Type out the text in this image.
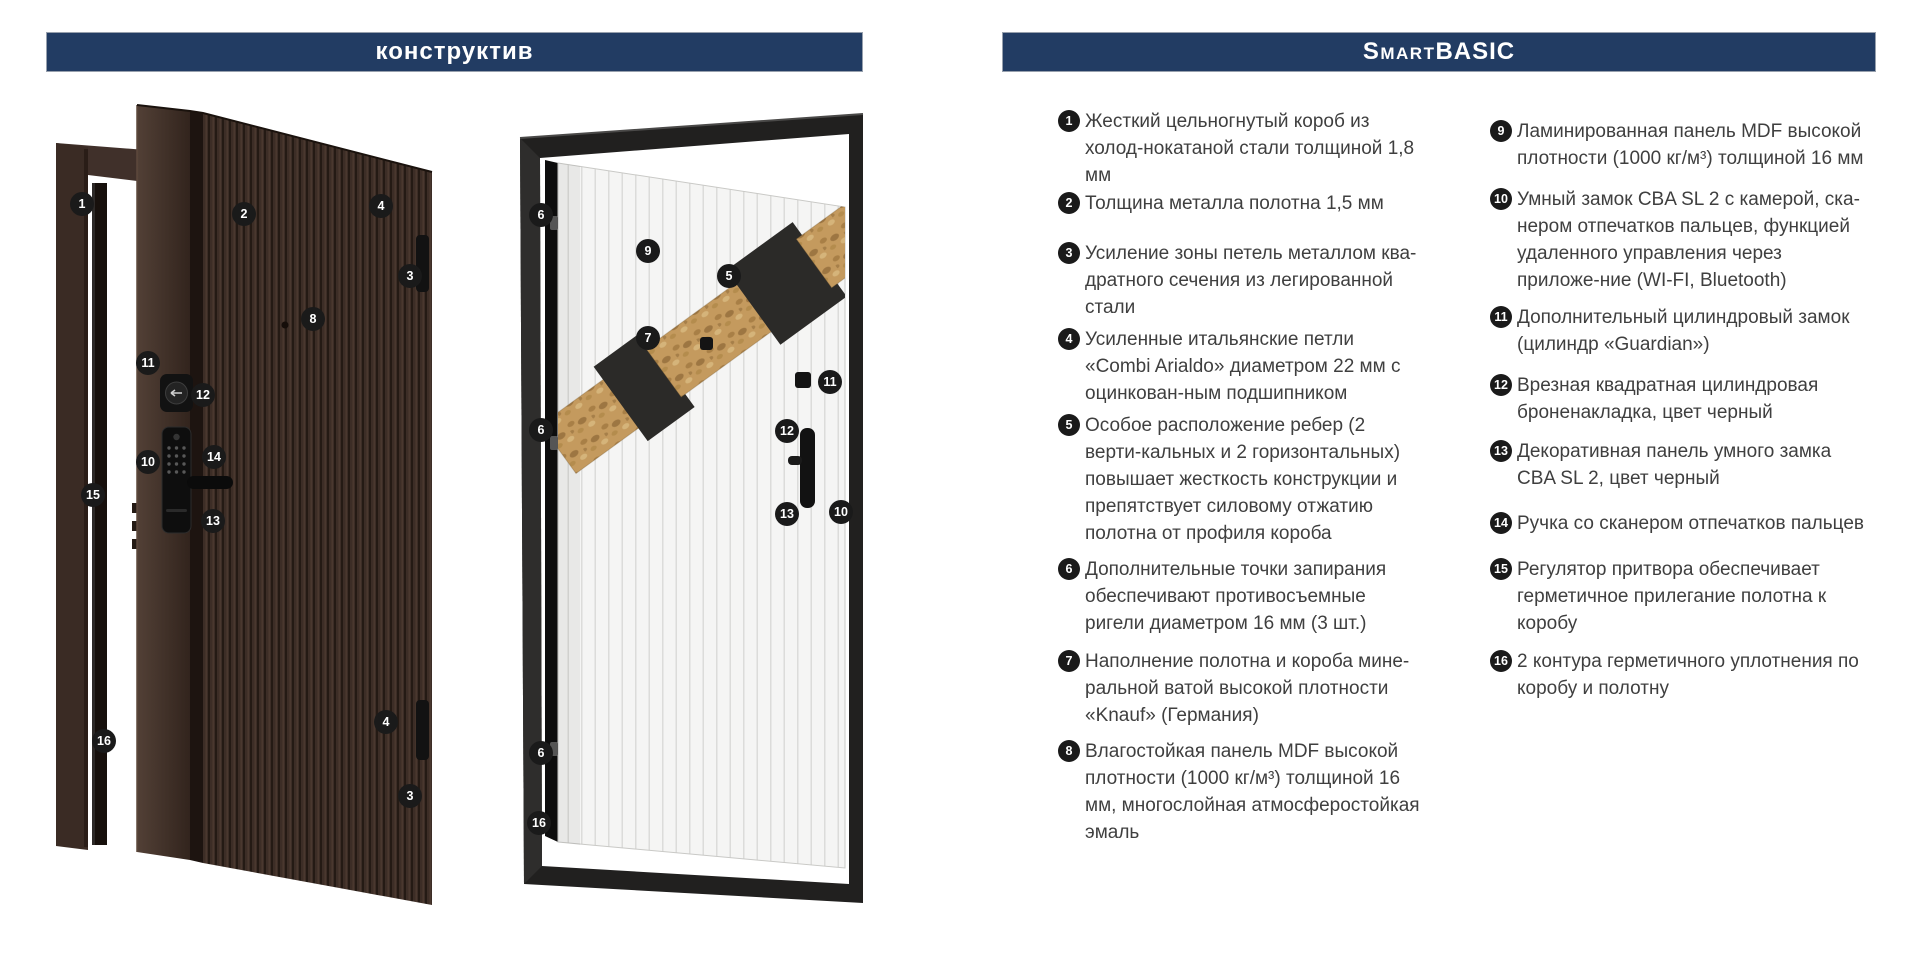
конструктив	Smart BASIC
1
2
4
3
8
11
12
10	14
15
13
16
4
3
6
9
5
7
6
11
12
13	10
6
16
1 Жесткий цельногнутый короб из холод-нокатаной стали толщиной 1,8 мм
2 Толщина металла полотна 1,5 мм
3 Усиление зоны петель металлом ква-дратного сечения из легированной стали
4 Усиленные итальянские петли «Combi Arialdo» диаметром 22 мм с оцинкован-ным подшипником
5 Особое расположение ребер (2 верти-кальных и 2 горизонтальных) повышает жесткость конструкции и препятствует силовому отжатию полотна от профиля короба
6 Дополнительные точки запирания обеспечивают противосъемные ригели диаметром 16 мм (3 шт.)
7 Наполнение полотна и короба мине-ральной ватой высокой плотности «Knauf» (Германия)
8 Влагостойкая панель MDF высокой плотности (1000 кг/м³) толщиной 16 мм, многослойная атмосферостойкая эмаль
9 Ламинированная панель MDF высокой плотности (1000 кг/м³) толщиной 16 мм
10 Умный замок CBA SL 2 с камерой, ска-нером отпечатков пальцев, функцией удаленного управления через приложе-ние (WI-FI, Bluetooth)
11 Дополнительный цилиндровый замок (цилиндр «Guardian»)
12 Врезная квадратная цилиндровая броненакладка, цвет черный
13 Декоративная панель умного замка CBA SL 2, цвет черный
14 Ручка со сканером отпечатков пальцев
15 Регулятор притвора обеспечивает герметичное прилегание полотна к коробу
16 2 контура герметичного уплотнения по коробу и полотну
